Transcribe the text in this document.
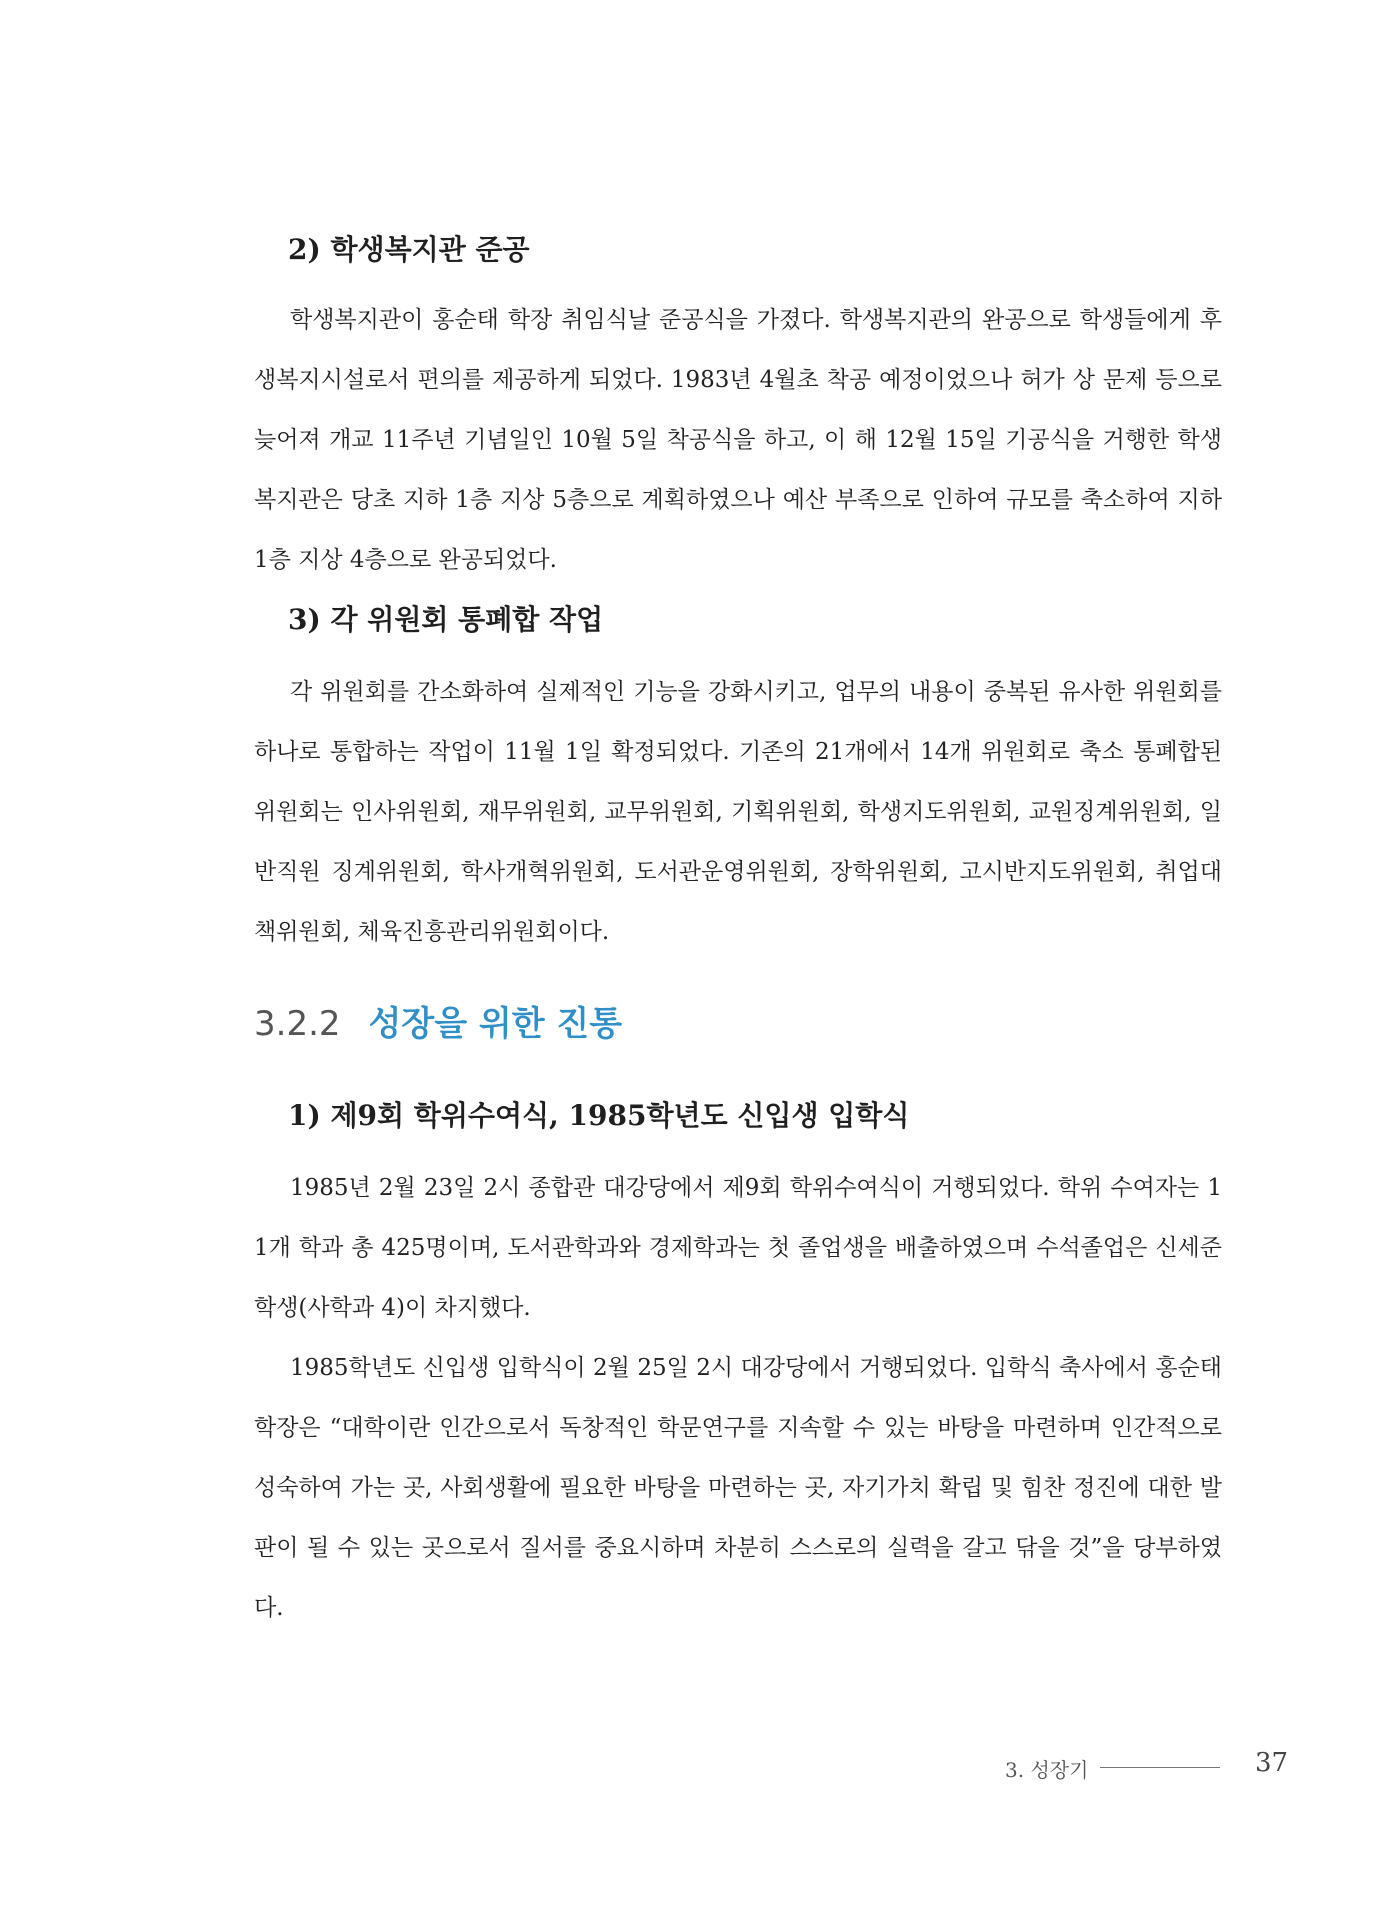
2) 학생복지관 준공

학생복지관이 홍순태 학장 취임식날 준공식을 가졌다. 학생복지관의 완공으로 학생들에게 후생복지시설로서 편의를 제공하게 되었다. 1983년 4월초 착공 예정이었으나 허가 상 문제 등으로 늦어져 개교 11주년 기념일인 10월 5일 착공식을 하고, 이 해 12월 15일 기공식을 거행한 학생복지관은 당초 지하 1층 지상 5층으로 계획하였으나 예산 부족으로 인하여 규모를 축소하여 지하 1층 지상 4층으로 완공되었다.

3) 각 위원회 통폐합 작업

각 위원회를 간소화하여 실제적인 기능을 강화시키고, 업무의 내용이 중복된 유사한 위원회를 하나로 통합하는 작업이 11월 1일 확정되었다. 기존의 21개에서 14개 위원회로 축소 통폐합된 위원회는 인사위원회, 재무위원회, 교무위원회, 기획위원회, 학생지도위원회, 교원징계위원회, 일반직원 징계위원회, 학사개혁위원회, 도서관운영위원회, 장학위원회, 고시반지도위원회, 취업대책위원회, 체육진흥관리위원회이다.

3.2.2 성장을 위한 진통
1) 제9회 학위수여식, 1985학년도 신입생 입학식

1985년 2월 23일 2시 종합관 대강당에서 제9회 학위수여식이 거행되었다. 학위 수여자는 11개 학과 총 425명이며, 도서관학과와 경제학과는 첫 졸업생을 배출하였으며 수석졸업은 신세준 학생(사학과 4)이 차지했다.

1985학년도 신입생 입학식이 2월 25일 2시 대강당에서 거행되었다. 입학식 축사에서 홍순태 학장은 “대학이란 인간으로서 독창적인 학문연구를 지속할 수 있는 바탕을 마련하며 인간적으로 성숙하여 가는 곳, 사회생활에 필요한 바탕을 마련하는 곳, 자기가치 확립 및 힘찬 정진에 대한 발판이 될 수 있는 곳으로서 질서를 중요시하며 차분히 스스로의 실력을 갈고 닦을 것”을 당부하였다.

3. 성장기	37
